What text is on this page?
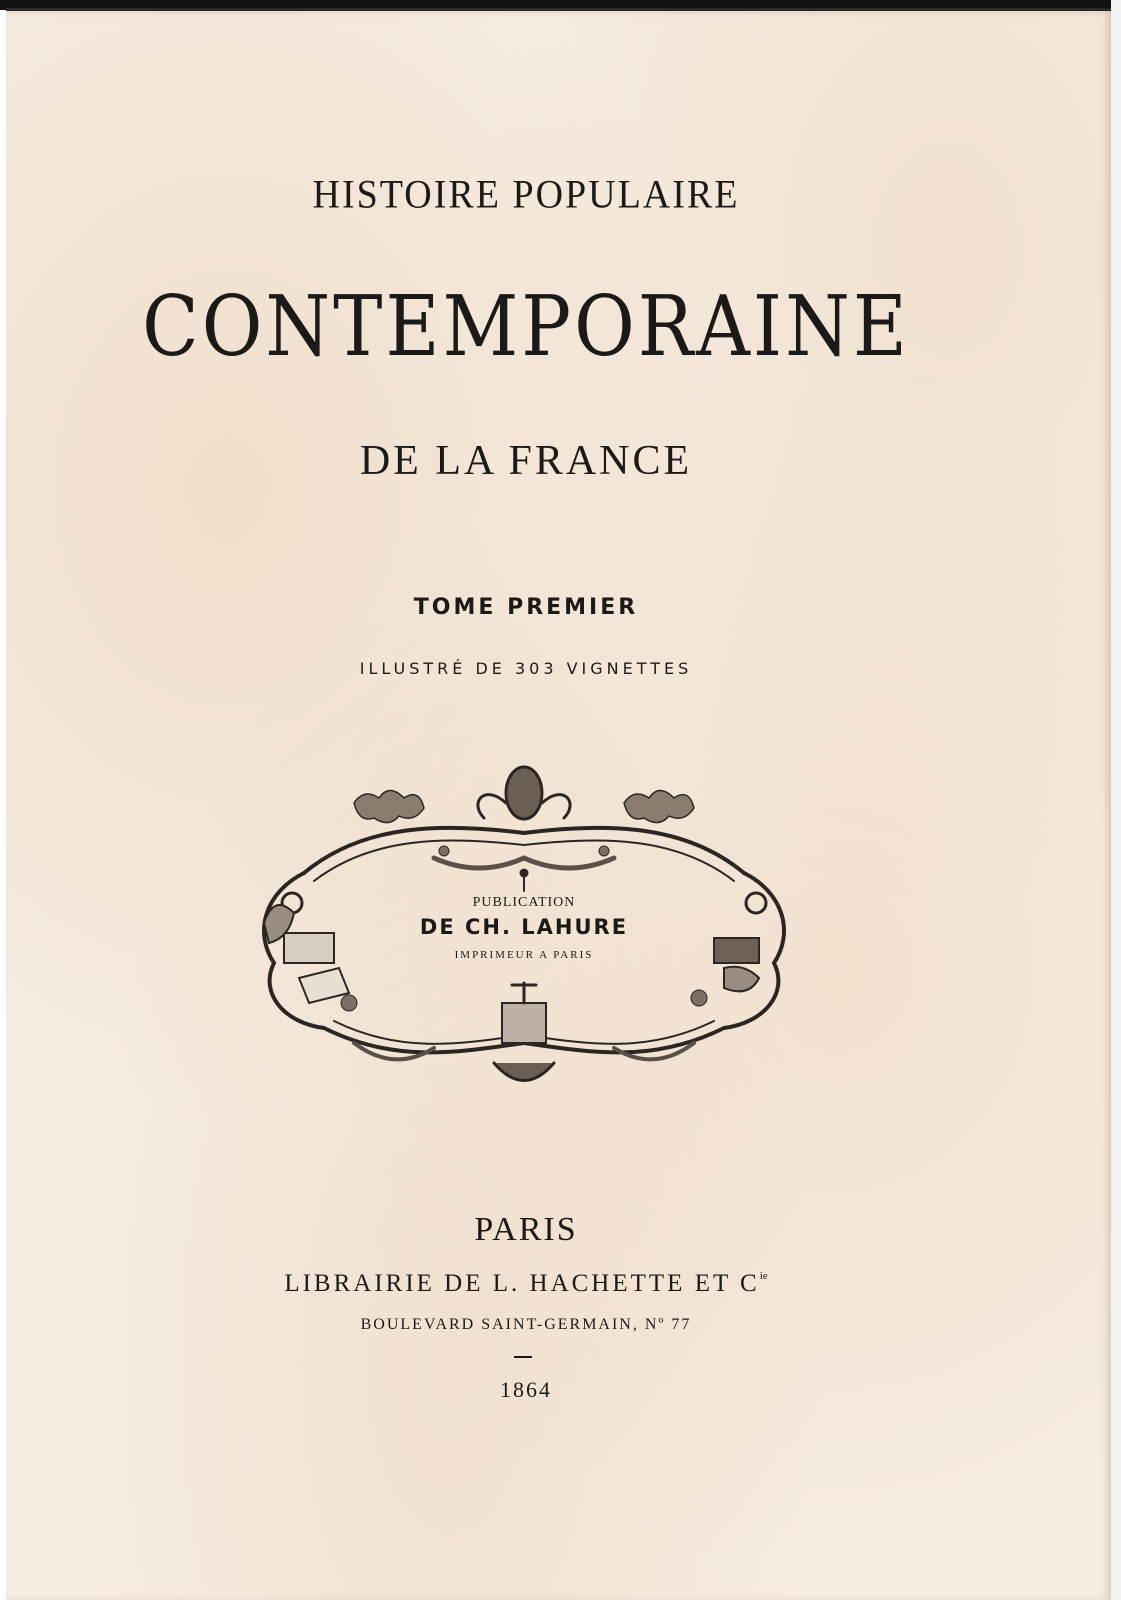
HISTOIRE POPULAIRE

CONTEMPORAINE

DE LA FRANCE

TOME PREMIER

ILLUSTRÉ DE 303 VIGNETTES

PUBLICATION

DE CH. LAHURE

IMPRIMEUR A PARIS

PARIS

LIBRAIRIE DE L. HACHETTE ET $C^{ie}$

BOULEVARD SAINT-GERMAIN, Nº 77

1864
